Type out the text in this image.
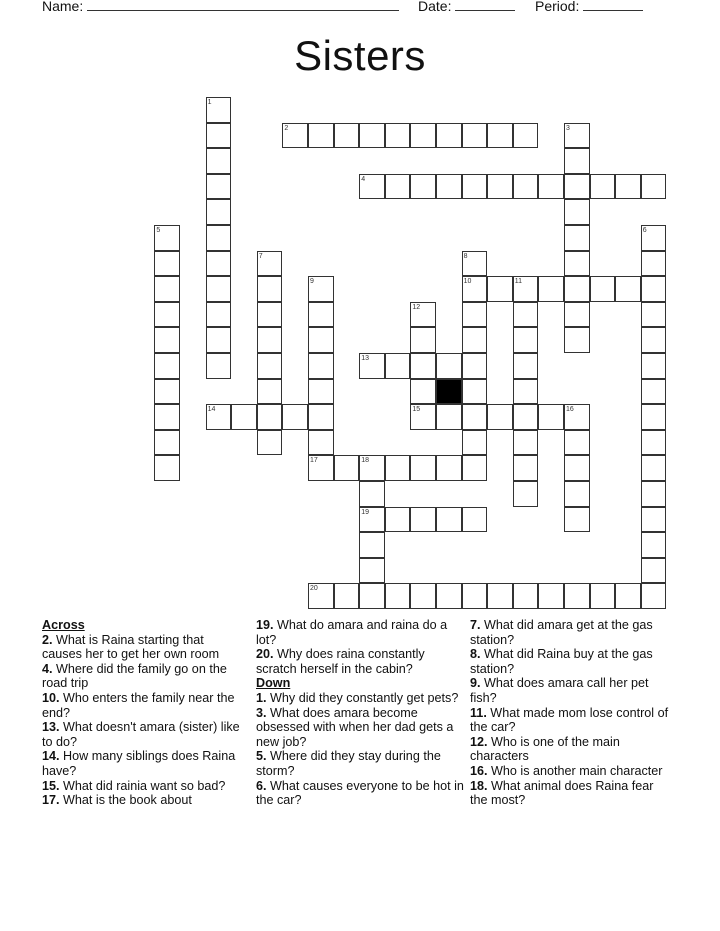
Name:	Date:	Period:
Sisters
1
2	3
4
5	6
7	8
9	10	11
12
13
14	15	16
17	18
19
20
Across
2. What is Raina starting that causes her to get her own room
4. Where did the family go on the road trip
10. Who enters the family near the end?
13. What doesn't amara (sister) like to do?
14. How many siblings does Raina have?
15. What did rainia want so bad?
17. What is the book about
19. What do amara and raina do a lot?
20. Why does raina constantly scratch herself in the cabin?
Down
1. Why did they constantly get pets?
3. What does amara become obsessed with when her dad gets a new job?
5. Where did they stay during the storm?
6. What causes everyone to be hot in the car?
7. What did amara get at the gas station?
8. What did Raina buy at the gas station?
9. What does amara call her pet fish?
11. What made mom lose control of the car?
12. Who is one of the main characters
16. Who is another main character
18. What animal does Raina fear the most?
